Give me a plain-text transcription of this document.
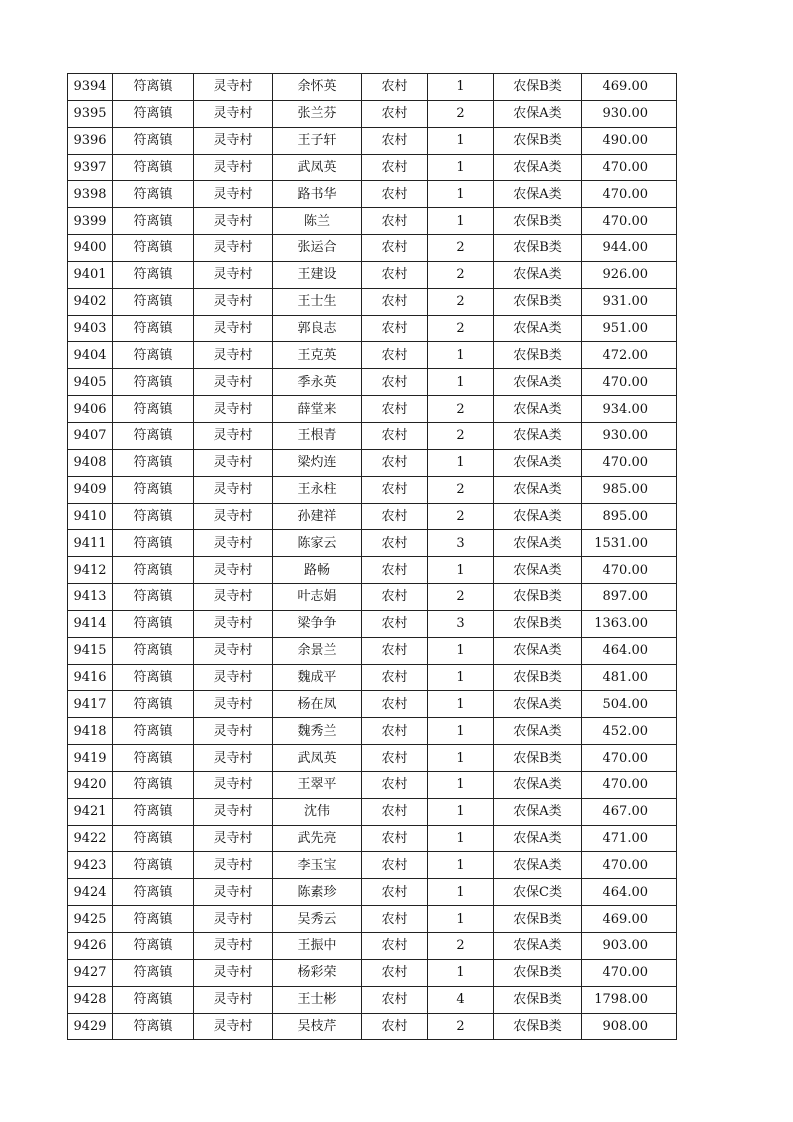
9394	符离镇	灵寺村	余怀英	农村	1	农保B类	469.00
9395	符离镇	灵寺村	张兰芬	农村	2	农保A类	930.00
9396	符离镇	灵寺村	王子轩	农村	1	农保B类	490.00
9397	符离镇	灵寺村	武凤英	农村	1	农保A类	470.00
9398	符离镇	灵寺村	路书华	农村	1	农保A类	470.00
9399	符离镇	灵寺村	陈兰	农村	1	农保B类	470.00
9400	符离镇	灵寺村	张运合	农村	2	农保B类	944.00
9401	符离镇	灵寺村	王建设	农村	2	农保A类	926.00
9402	符离镇	灵寺村	王士生	农村	2	农保B类	931.00
9403	符离镇	灵寺村	郭良志	农村	2	农保A类	951.00
9404	符离镇	灵寺村	王克英	农村	1	农保B类	472.00
9405	符离镇	灵寺村	季永英	农村	1	农保A类	470.00
9406	符离镇	灵寺村	薛堂来	农村	2	农保A类	934.00
9407	符离镇	灵寺村	王根青	农村	2	农保A类	930.00
9408	符离镇	灵寺村	梁灼连	农村	1	农保A类	470.00
9409	符离镇	灵寺村	王永柱	农村	2	农保A类	985.00
9410	符离镇	灵寺村	孙建祥	农村	2	农保A类	895.00
9411	符离镇	灵寺村	陈家云	农村	3	农保A类	1531.00
9412	符离镇	灵寺村	路畅	农村	1	农保A类	470.00
9413	符离镇	灵寺村	叶志娟	农村	2	农保B类	897.00
9414	符离镇	灵寺村	梁争争	农村	3	农保B类	1363.00
9415	符离镇	灵寺村	余景兰	农村	1	农保A类	464.00
9416	符离镇	灵寺村	魏成平	农村	1	农保B类	481.00
9417	符离镇	灵寺村	杨在凤	农村	1	农保A类	504.00
9418	符离镇	灵寺村	魏秀兰	农村	1	农保A类	452.00
9419	符离镇	灵寺村	武凤英	农村	1	农保B类	470.00
9420	符离镇	灵寺村	王翠平	农村	1	农保A类	470.00
9421	符离镇	灵寺村	沈伟	农村	1	农保A类	467.00
9422	符离镇	灵寺村	武先亮	农村	1	农保A类	471.00
9423	符离镇	灵寺村	李玉宝	农村	1	农保A类	470.00
9424	符离镇	灵寺村	陈素珍	农村	1	农保C类	464.00
9425	符离镇	灵寺村	吴秀云	农村	1	农保B类	469.00
9426	符离镇	灵寺村	王振中	农村	2	农保A类	903.00
9427	符离镇	灵寺村	杨彩荣	农村	1	农保B类	470.00
9428	符离镇	灵寺村	王士彬	农村	4	农保B类	1798.00
9429	符离镇	灵寺村	吴枝芹	农村	2	农保B类	908.00
